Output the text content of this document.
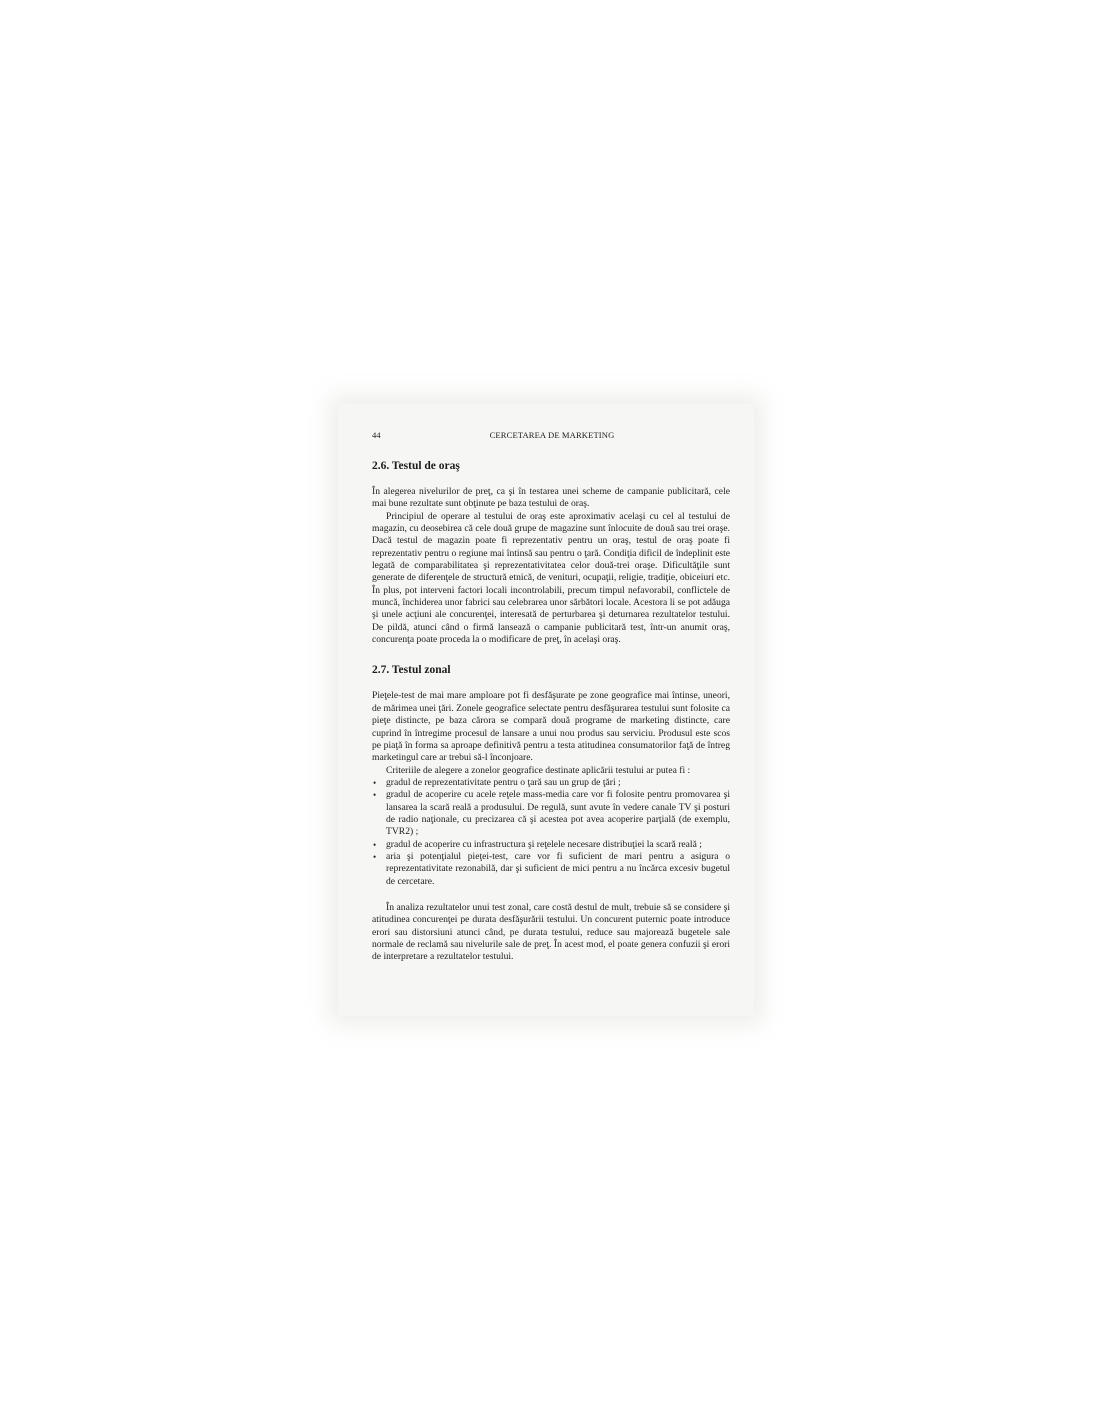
44	CERCETAREA DE MARKETING
2.6. Testul de oraş

În alegerea nivelurilor de preţ, ca şi în testarea unei scheme de campanie publicitară, cele mai bune rezultate sunt obţinute pe baza testului de oraş.

Principiul de operare al testului de oraş este aproximativ acelaşi cu cel al testului de magazin, cu deosebirea că cele două grupe de magazine sunt înlocuite de două sau trei oraşe. Dacă testul de magazin poate fi reprezentativ pentru un oraş, testul de oraş poate fi reprezentativ pentru o regiune mai întinsă sau pentru o ţară. Condiţia dificil de îndeplinit este legată de comparabilitatea şi reprezentativitatea celor două-trei oraşe. Dificultăţile sunt generate de diferenţele de structură etnică, de venituri, ocupaţii, religie, tradiţie, obiceiuri etc. În plus, pot interveni factori locali incontrolabili, precum timpul nefavorabil, conflictele de muncă, închiderea unor fabrici sau celebrarea unor sărbători locale. Acestora li se pot adăuga şi unele acţiuni ale concurenţei, interesată de perturbarea şi deturnarea rezultatelor testului. De pildă, atunci când o firmă lansează o campanie publicitară test, într-un anumit oraş, concurenţa poate proceda la o modificare de preţ, în acelaşi oraş.

2.7. Testul zonal

Pieţele-test de mai mare amploare pot fi desfăşurate pe zone geografice mai întinse, uneori, de mărimea unei ţări. Zonele geografice selectate pentru desfăşurarea testului sunt folosite ca pieţe distincte, pe baza cărora se compară două programe de marketing distincte, care cuprind în întregime procesul de lansare a unui nou produs sau serviciu. Produsul este scos pe piaţă în forma sa aproape definitivă pentru a testa atitudinea consumatorilor faţă de întreg marketingul care ar trebui să-l înconjoare.

Criteriile de alegere a zonelor geografice destinate aplicării testului ar putea fi :

• gradul de reprezentativitate pentru o ţară sau un grup de ţări ;
• gradul de acoperire cu acele reţele mass-media care vor fi folosite pentru promovarea şi lansarea la scară reală a produsului. De regulă, sunt avute în vedere canale TV şi posturi de radio naţionale, cu precizarea că şi acestea pot avea acoperire parţială (de exemplu, TVR2) ;
• gradul de acoperire cu infrastructura şi reţelele necesare distribuţiei la scară reală ;
• aria şi potenţialul pieţei-test, care vor fi suficient de mari pentru a asigura o reprezentativitate rezonabilă, dar şi suficient de mici pentru a nu încărca excesiv bugetul de cercetare.

În analiza rezultatelor unui test zonal, care costă destul de mult, trebuie să se considere şi atitudinea concurenţei pe durata desfăşurării testului. Un concurent puternic poate introduce erori sau distorsiuni atunci când, pe durata testului, reduce sau majorează bugetele sale normale de reclamă sau nivelurile sale de preţ. În acest mod, el poate genera confuzii şi erori de interpretare a rezultatelor testului.
